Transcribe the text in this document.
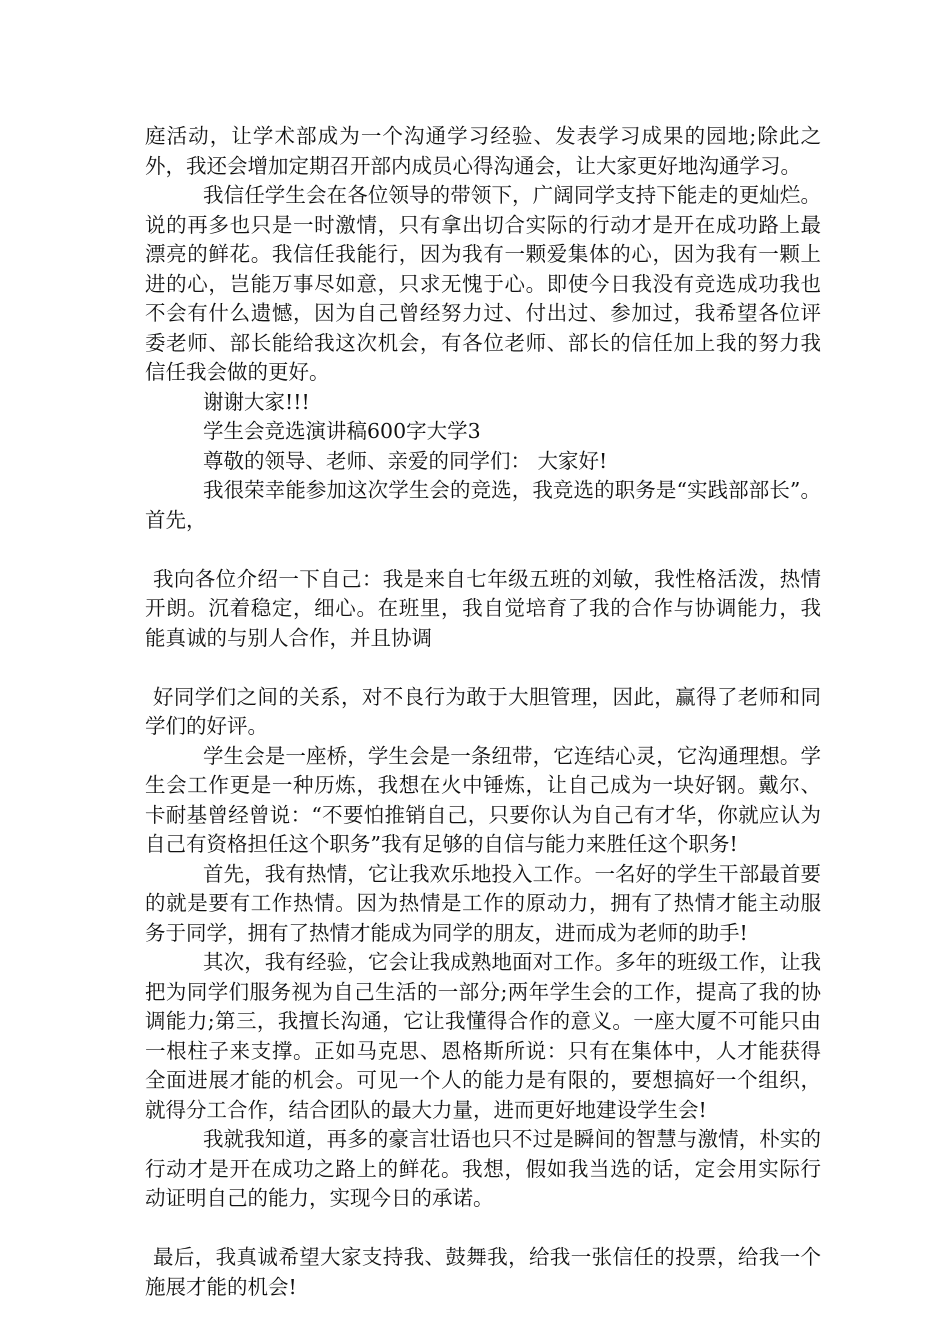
庭活动，让学术部成为一个沟通学习经验、发表学习成果的园地;除此之外，我还会增加定期召开部内成员心得沟通会，让大家更好地沟通学习。

我信任学生会在各位领导的带领下，广阔同学支持下能走的更灿烂。说的再多也只是一时激情，只有拿出切合实际的行动才是开在成功路上最漂亮的鲜花。我信任我能行，因为我有一颗爱集体的心，因为我有一颗上进的心，岂能万事尽如意，只求无愧于心。即使今日我没有竞选成功我也不会有什么遗憾，因为自己曾经努力过、付出过、参加过，我希望各位评委老师、部长能给我这次机会，有各位老师、部长的信任加上我的努力我信任我会做的更好。

谢谢大家!!!

学生会竞选演讲稿600字大学3

尊敬的领导、老师、亲爱的同学们： 大家好!

我很荣幸能参加这次学生会的竞选，我竞选的职务是“实践部部长”。首先，

我向各位介绍一下自己：我是来自七年级五班的刘敏，我性格活泼，热情开朗。沉着稳定，细心。在班里，我自觉培育了我的合作与协调能力，我能真诚的与别人合作，并且协调

好同学们之间的关系，对不良行为敢于大胆管理，因此，赢得了老师和同学们的好评。

学生会是一座桥，学生会是一条纽带，它连结心灵，它沟通理想。学生会工作更是一种历炼，我想在火中锤炼，让自己成为一块好钢。戴尔、卡耐基曾经曾说：“不要怕推销自己，只要你认为自己有才华，你就应认为自己有资格担任这个职务”我有足够的自信与能力来胜任这个职务!

首先，我有热情，它让我欢乐地投入工作。一名好的学生干部最首要的就是要有工作热情。因为热情是工作的原动力，拥有了热情才能主动服务于同学，拥有了热情才能成为同学的朋友，进而成为老师的助手!

其次，我有经验，它会让我成熟地面对工作。多年的班级工作，让我把为同学们服务视为自己生活的一部分;两年学生会的工作，提高了我的协调能力;第三，我擅长沟通，它让我懂得合作的意义。一座大厦不可能只由一根柱子来支撑。正如马克思、恩格斯所说：只有在集体中，人才能获得全面进展才能的机会。可见一个人的能力是有限的，要想搞好一个组织，就得分工合作，结合团队的最大力量，进而更好地建设学生会!

我就我知道，再多的豪言壮语也只不过是瞬间的智慧与激情，朴实的行动才是开在成功之路上的鲜花。我想，假如我当选的话，定会用实际行动证明自己的能力，实现今日的承诺。

最后，我真诚希望大家支持我、鼓舞我，给我一张信任的投票，给我一个施展才能的机会!
